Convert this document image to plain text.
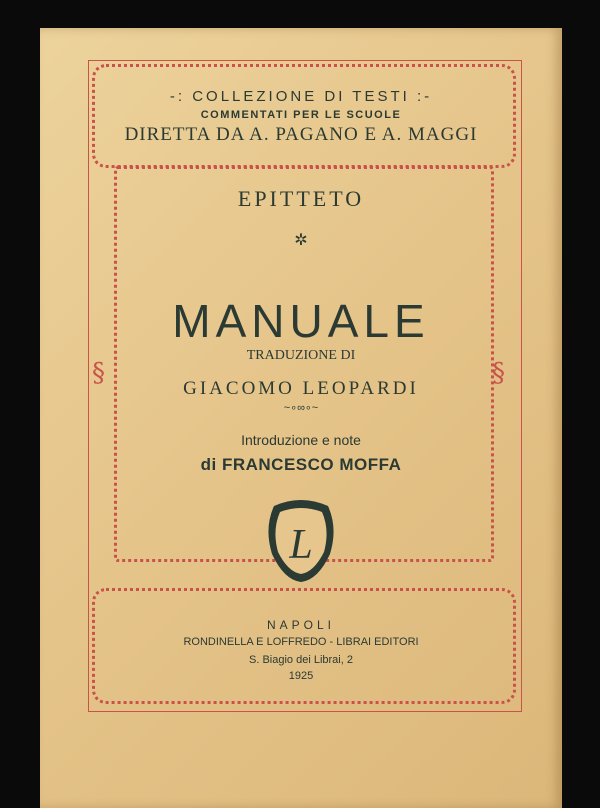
§	§
-: COLLEZIONE DI TESTI :-
COMMENTATI PER LE SCUOLE
DIRETTA DA A. PAGANO E A. MAGGI
EPITTETO
✲
MANUALE
TRADUZIONE DI
GIACOMO LEOPARDI
~∘∞∘~
Introduzione e note
di FRANCESCO MOFFA
L
NAPOLI
RONDINELLA E LOFFREDO - LIBRAI EDITORI
S. Biagio dei Librai, 2
1925
